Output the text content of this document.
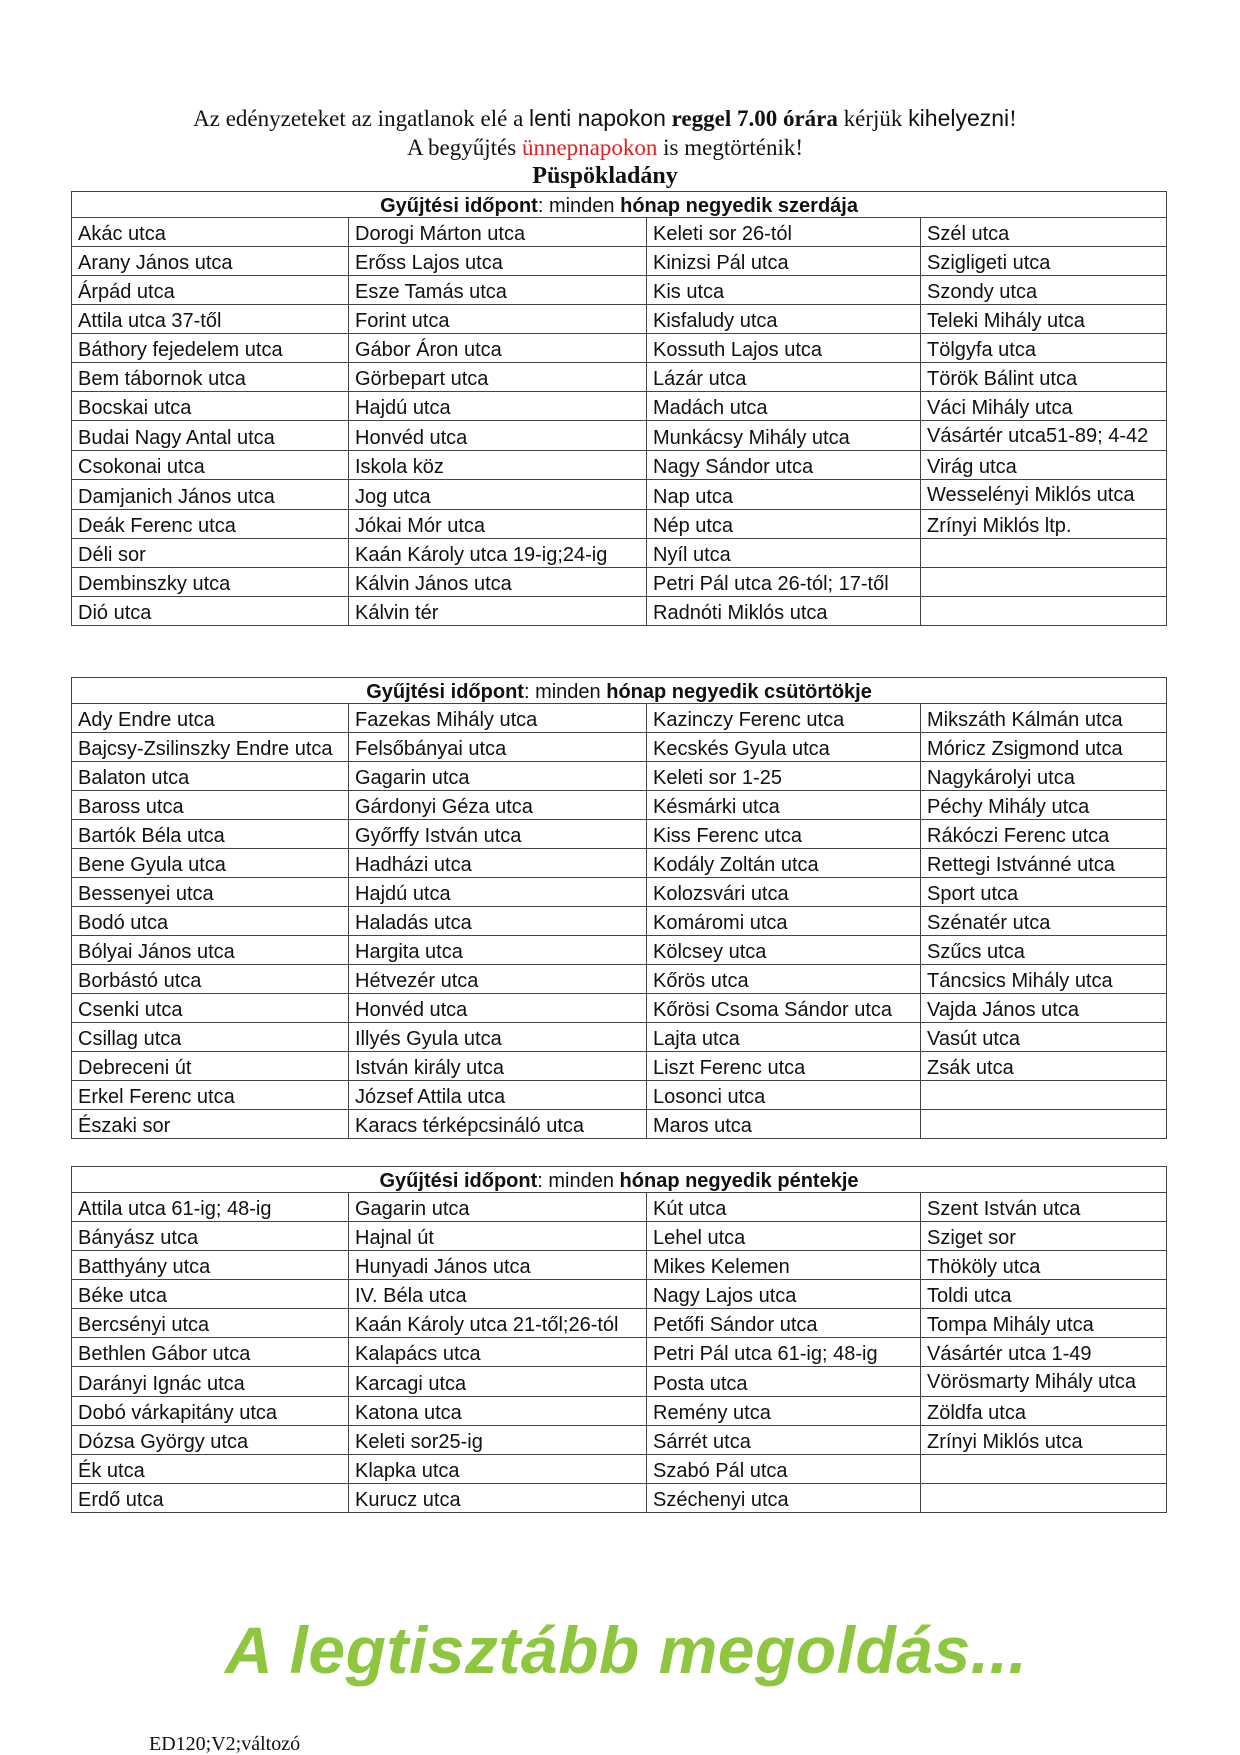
Az edényzeteket az ingatlanok elé a lenti napokon reggel 7.00 órára kérjük kihelyezni!
A begyűjtés ünnepnapokon is megtörténik!
Püspökladány
Gyűjtési időpont: minden hónap negyedik szerdája			
Akác utca	Dorogi Márton utca	Keleti sor 26-tól	Szél utca
Arany János utca	Erőss Lajos utca	Kinizsi Pál utca	Szigligeti utca
Árpád utca	Esze Tamás utca	Kis utca	Szondy utca
Attila utca 37-től	Forint utca	Kisfaludy utca	Teleki Mihály utca
Báthory fejedelem utca	Gábor Áron utca	Kossuth Lajos utca	Tölgyfa utca
Bem tábornok utca	Görbepart utca	Lázár utca	Török Bálint utca
Bocskai utca	Hajdú utca	Madách utca	Váci Mihály utca
Budai Nagy Antal utca	Honvéd utca	Munkácsy Mihály utca	Vásártér utca51-89; 4-42
Csokonai utca	Iskola köz	Nagy Sándor utca	Virág utca
Damjanich János utca	Jog utca	Nap utca	Wesselényi Miklós utca
Deák Ferenc utca	Jókai Mór utca	Nép utca	Zrínyi Miklós ltp.
Déli sor	Kaán Károly utca 19-ig;24-ig	Nyíl utca	
Dembinszky utca	Kálvin János utca	Petri Pál utca 26-tól; 17-től	
Dió utca	Kálvin tér	Radnóti Miklós utca	
Gyűjtési időpont: minden hónap negyedik csütörtökje			
Ady Endre utca	Fazekas Mihály utca	Kazinczy Ferenc utca	Mikszáth Kálmán utca
Bajcsy-Zsilinszky Endre utca	Felsőbányai utca	Kecskés Gyula utca	Móricz Zsigmond utca
Balaton utca	Gagarin utca	Keleti sor 1-25	Nagykárolyi utca
Baross utca	Gárdonyi Géza utca	Késmárki utca	Péchy Mihály utca
Bartók Béla utca	Győrffy István utca	Kiss Ferenc utca	Rákóczi Ferenc utca
Bene Gyula utca	Hadházi utca	Kodály Zoltán utca	Rettegi Istvánné utca
Bessenyei utca	Hajdú utca	Kolozsvári utca	Sport utca
Bodó utca	Haladás utca	Komáromi utca	Szénatér utca
Bólyai János utca	Hargita utca	Kölcsey utca	Szűcs utca
Borbástó utca	Hétvezér utca	Kőrös utca	Táncsics Mihály utca
Csenki utca	Honvéd utca	Kőrösi Csoma Sándor utca	Vajda János utca
Csillag utca	Illyés Gyula utca	Lajta utca	Vasút utca
Debreceni út	István király utca	Liszt Ferenc utca	Zsák utca
Erkel Ferenc utca	József Attila utca	Losonci utca	
Északi sor	Karacs térképcsináló utca	Maros utca	
Gyűjtési időpont: minden hónap negyedik péntekje			
Attila utca 61-ig; 48-ig	Gagarin utca	Kút utca	Szent István utca
Bányász utca	Hajnal út	Lehel utca	Sziget sor
Batthyány utca	Hunyadi János utca	Mikes Kelemen	Thököly utca
Béke utca	IV. Béla utca	Nagy Lajos utca	Toldi utca
Bercsényi utca	Kaán Károly utca 21-től;26-tól	Petőfi Sándor utca	Tompa Mihály utca
Bethlen Gábor utca	Kalapács utca	Petri Pál utca 61-ig; 48-ig	Vásártér utca 1-49
Darányi Ignác utca	Karcagi utca	Posta utca	Vörösmarty Mihály utca
Dobó várkapitány utca	Katona utca	Remény utca	Zöldfa utca
Dózsa György utca	Keleti sor25-ig	Sárrét utca	Zrínyi Miklós utca
Ék utca	Klapka utca	Szabó Pál utca	
Erdő utca	Kurucz utca	Széchenyi utca	
A legtisztább megoldás...
ED120;V2;változó
